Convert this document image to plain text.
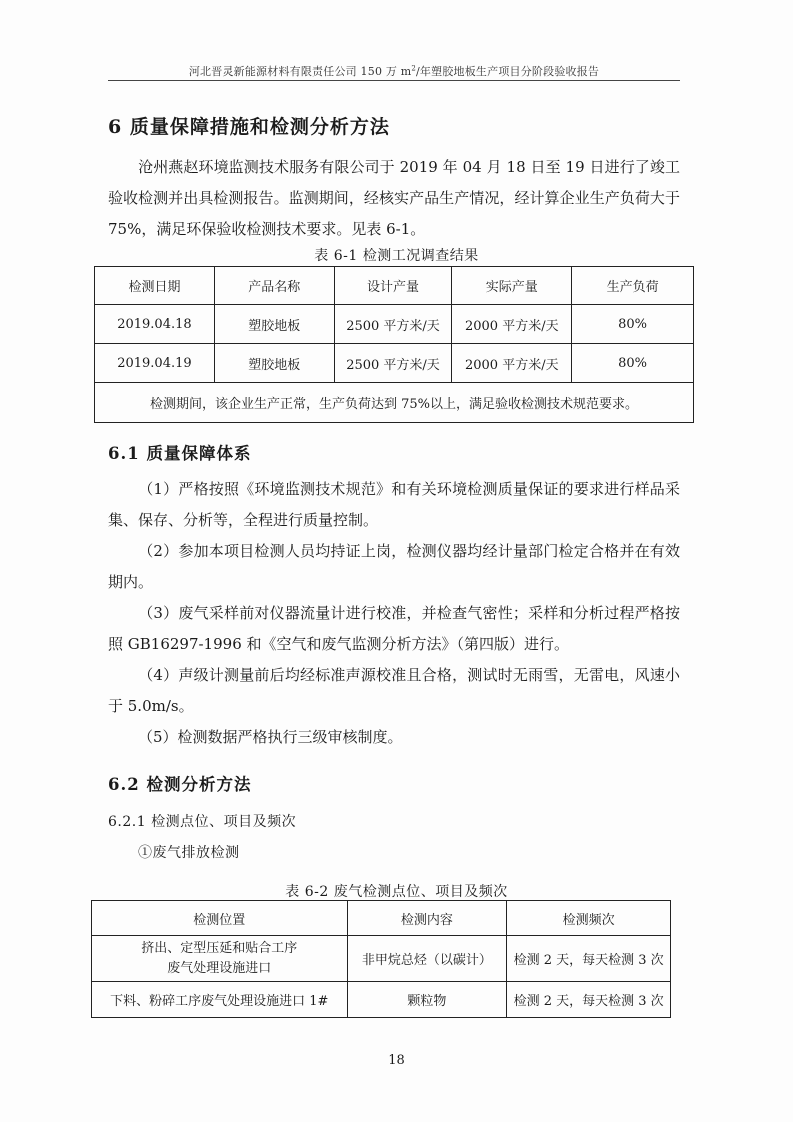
河北晋灵新能源材料有限责任公司 150 万 $m^2/$年塑胶地板生产项目分阶段验收报告
6 质量保障措施和检测分析方法
沧州燕赵环境监测技术服务有限公司于 2019 年 04 月 18 日至 19 日进行了竣工验收检测并出具检测报告。监测期间，经核实产品生产情况，经计算企业生产负荷大于 75%，满足环保验收检测技术要求。见表 6-1。
表 6-1 检测工况调查结果
检测日期	产品名称	设计产量	实际产量	生产负荷
2019.04.18	塑胶地板	2500 平方米/天	2000 平方米/天	80%
2019.04.19	塑胶地板	2500 平方米/天	2000 平方米/天	80%
检测期间，该企业生产正常，生产负荷达到 75%以上，满足验收检测技术规范要求。				
6.1 质量保障体系
（1）严格按照《环境监测技术规范》和有关环境检测质量保证的要求进行样品采集、保存、分析等，全程进行质量控制。
（2）参加本项目检测人员均持证上岗，检测仪器均经计量部门检定合格并在有效期内。
（3）废气采样前对仪器流量计进行校准，并检查气密性；采样和分析过程严格按照 GB16297-1996 和《空气和废气监测分析方法》（第四版）进行。
（4）声级计测量前后均经标准声源校准且合格，测试时无雨雪，无雷电，风速小于 5.0m/s。
（5）检测数据严格执行三级审核制度。
6.2 检测分析方法
6.2.1 检测点位、项目及频次
①废气排放检测
表 6-2 废气检测点位、项目及频次
检测位置	检测内容	检测频次
挤出、定型压延和贴合工序
废气处理设施进口	非甲烷总烃（以碳计）	检测 2 天，每天检测 3 次
下料、粉碎工序废气处理设施进口 1#	颗粒物	检测 2 天，每天检测 3 次
18
